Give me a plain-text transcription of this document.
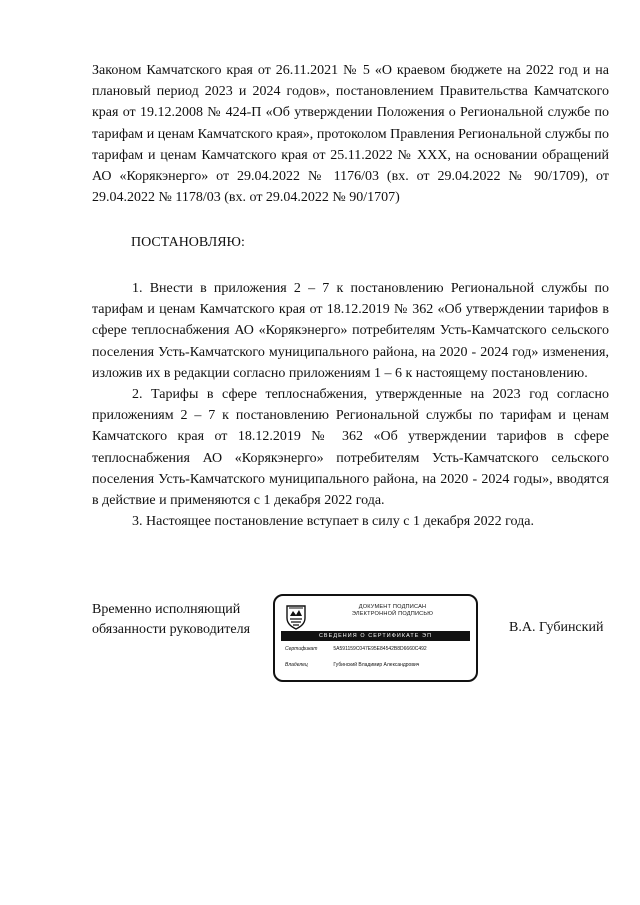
Законом Камчатского края от 26.11.2021 № 5 «О краевом бюджете на 2022 год и на плановый период 2023 и 2024 годов», постановлением Правительства Камчатского края от 19.12.2008 № 424-П «Об утверждении Положения о Региональной службе по тарифам и ценам Камчатского края», протоколом Правления Региональной службы по тарифам и ценам Камчатского края от 25.11.2022 № ХХХ, на основании обращений АО «Корякэнерго» от 29.04.2022 № 1176/03 (вх. от 29.04.2022 № 90/1709), от 29.04.2022 № 1178/03 (вх. от 29.04.2022 № 90/1707)

ПОСТАНОВЛЯЮ:

1. Внести в приложения 2 – 7 к постановлению Региональной службы по тарифам и ценам Камчатского края от 18.12.2019 № 362 «Об утверждении тарифов в сфере теплоснабжения АО «Корякэнерго» потребителям Усть-Камчатского сельского поселения Усть-Камчатского муниципального района, на 2020 - 2024 год» изменения, изложив их в редакции согласно приложениям 1 – 6 к настоящему постановлению.

2. Тарифы в сфере теплоснабжения, утвержденные на 2023 год согласно приложениям 2 – 7 к постановлению Региональной службы по тарифам и ценам Камчатского края от 18.12.2019 № 362 «Об утверждении тарифов в сфере теплоснабжения АО «Корякэнерго» потребителям Усть-Камчатского сельского поселения Усть-Камчатского муниципального района, на 2020 - 2024 годы», вводятся в действие и применяются с 1 декабря 2022 года.

3. Настоящее постановление вступает в силу с 1 декабря 2022 года.

Временно исполняющий
обязанности руководителя

ДОКУМЕНТ ПОДПИСАН
ЭЛЕКТРОННОЙ ПОДПИСЬЮ
СВЕДЕНИЯ О СЕРТИФИКАТЕ ЭП
Сертификат	5A591159C047E95E84542B8D6660C492
Владелец	Губинский Владимир Александрович

В.А. Губинский
